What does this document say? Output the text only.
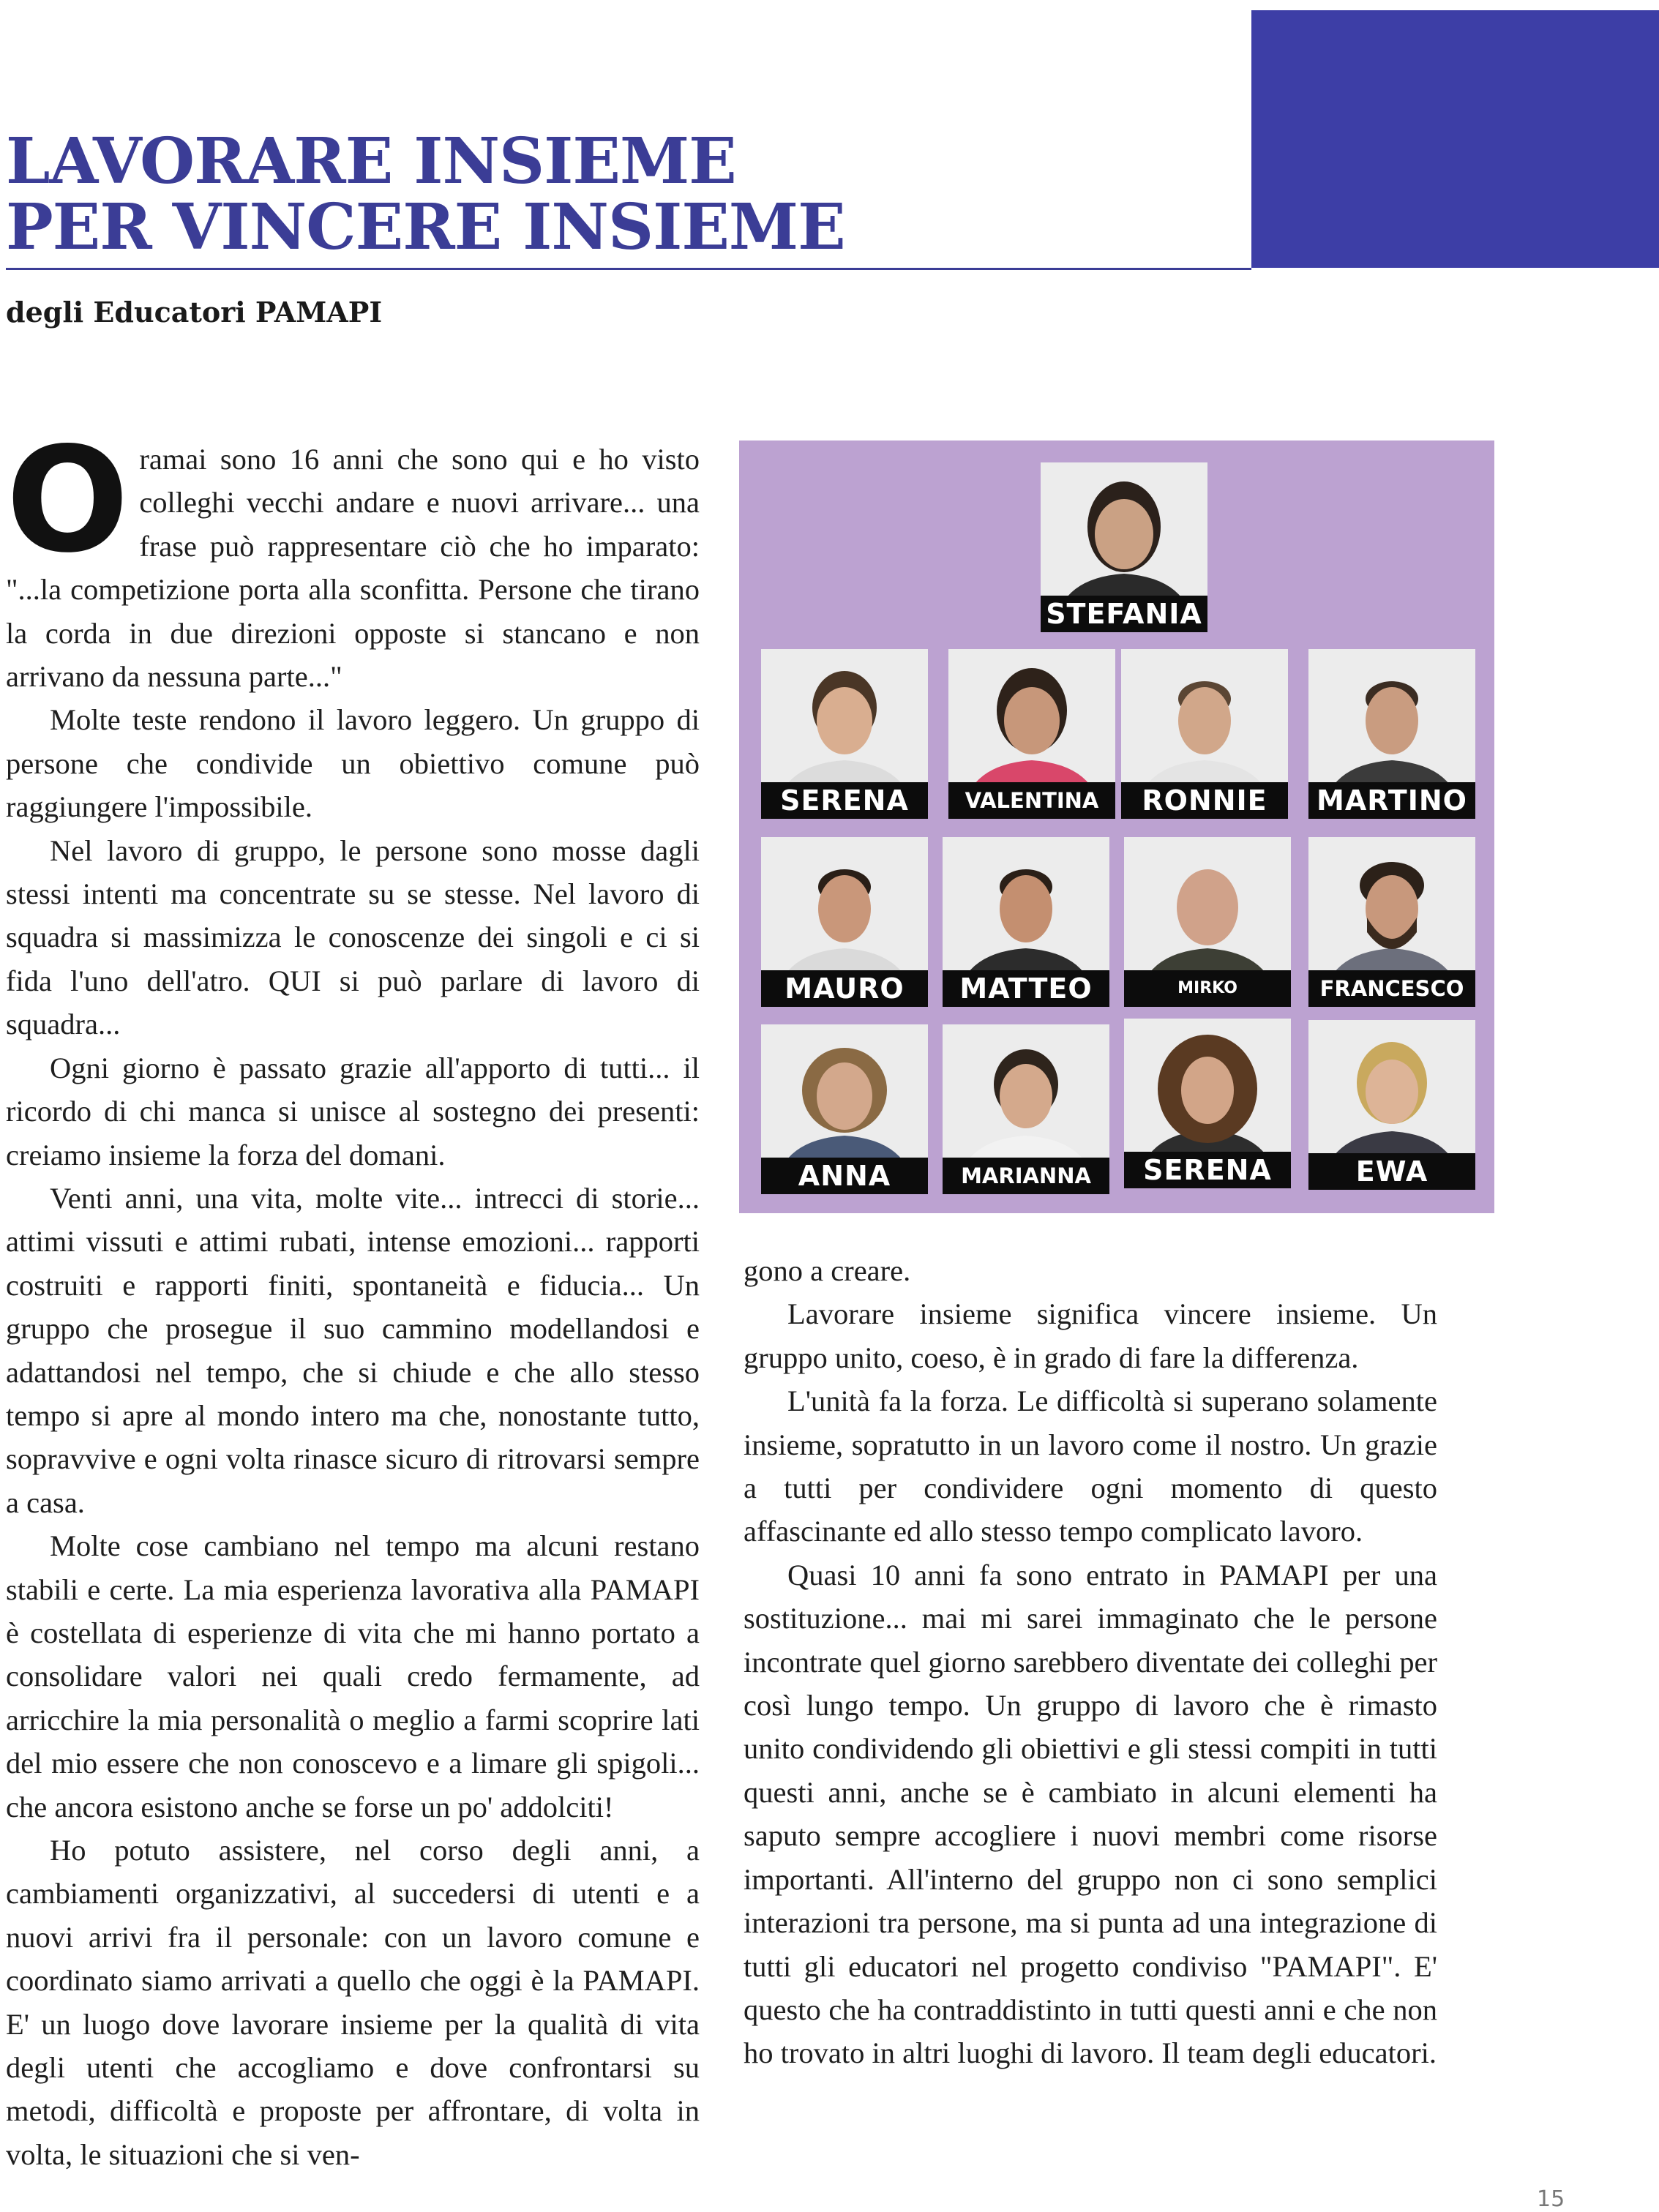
LAVORARE INSIEME
PER VINCERE INSIEME
degli Educatori PAMAPI

Oramai sono 16 anni che sono qui e ho visto colleghi vecchi andare e nuovi arrivare... una frase può rappresentare ciò che ho imparato: "...la competizione porta alla sconfitta. Persone che tirano la corda in due direzioni opposte si stancano e non arrivano da nessuna parte..."

Molte teste rendono il lavoro leggero. Un gruppo di persone che condivide un obiettivo comune può raggiungere l'impossibile.

Nel lavoro di gruppo, le persone sono mosse dagli stessi intenti ma concentrate su se stesse. Nel lavoro di squadra si massimizza le conoscenze dei singoli e ci si fida l'uno dell'atro. QUI si può parlare di lavoro di squadra...

Ogni giorno è passato grazie all'apporto di tutti... il ricordo di chi manca si unisce al sostegno dei presenti: creiamo insieme la forza del domani.

Venti anni, una vita, molte vite... intrecci di storie... attimi vissuti e attimi rubati, intense emozioni... rapporti costruiti e rapporti finiti, spontaneità e fiducia... Un gruppo che prosegue il suo cammino modellandosi e adattandosi nel tempo, che si chiude e che allo stesso tempo si apre al mondo intero ma che, nonostante tutto, sopravvive e ogni volta rinasce sicuro di ritrovarsi sempre a casa.

Molte cose cambiano nel tempo ma alcuni restano stabili e certe. La mia esperienza lavorativa alla PAMAPI è costellata di esperienze di vita che mi hanno portato a consolidare valori nei quali credo fermamente, ad arricchire la mia personalità o meglio a farmi scoprire lati del mio essere che non conoscevo e a limare gli spigoli... che ancora esistono anche se forse un po' addolciti!

Ho potuto assistere, nel corso degli anni, a cambiamenti organizzativi, al succedersi di utenti e a nuovi arrivi fra il personale: con un lavoro comune e coordinato siamo arrivati a quello che oggi è la PAMAPI. E' un luogo dove lavorare insieme per la qualità di vita degli utenti che accogliamo e dove confrontarsi su metodi, difficoltà e proposte per affrontare, di volta in volta, le situazioni che si ven-

STEFANIA
SERENA	VALENTINA	RONNIE	MARTINO
MAURO	MATTEO	MIRKO	FRANCESCO
ANNA	MARIANNA	SERENA	EWA

gono a creare.

Lavorare insieme significa vincere insieme. Un gruppo unito, coeso, è in grado di fare la differenza.

L'unità fa la forza. Le difficoltà si superano solamente insieme, sopratutto in un lavoro come il nostro. Un grazie a tutti per condividere ogni momento di questo affascinante ed allo stesso tempo complicato lavoro.

Quasi 10 anni fa sono entrato in PAMAPI per una sostituzione... mai mi sarei immaginato che le persone incontrate quel giorno sarebbero diventate dei colleghi per così lungo tempo. Un gruppo di lavoro che è rimasto unito condividendo gli obiettivi e gli stessi compiti in tutti questi anni, anche se è cambiato in alcuni elementi ha saputo sempre accogliere i nuovi membri come risorse importanti. All'interno del gruppo non ci sono semplici interazioni tra persone, ma si punta ad una integrazione di tutti gli educatori nel progetto condiviso "PAMAPI". E' questo che ha contraddistinto in tutti questi anni e che non ho trovato in altri luoghi di lavoro. Il team degli educatori.

15
